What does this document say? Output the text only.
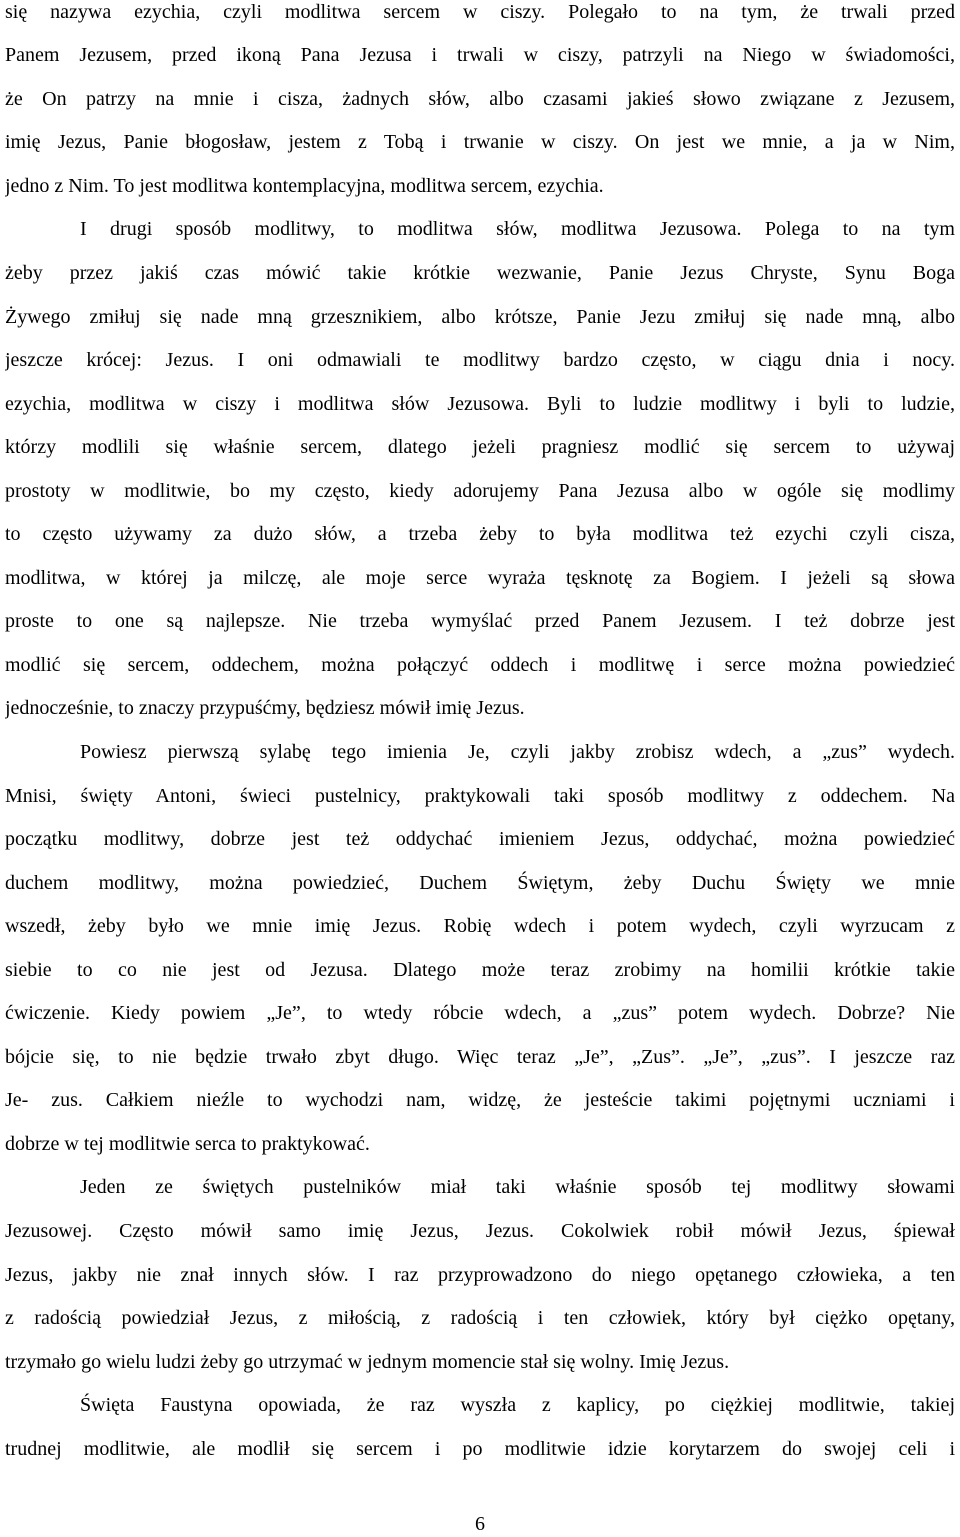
się nazywa ezychia, czyli modlitwa sercem w ciszy. Polegało to na tym, że trwali przed
Panem Jezusem, przed ikoną Pana Jezusa i trwali w ciszy, patrzyli na Niego w świadomości,
że On patrzy na mnie i cisza, żadnych słów, albo czasami jakieś słowo związane z Jezusem,
imię Jezus, Panie błogosław, jestem z Tobą i trwanie w ciszy. On jest we mnie, a ja w Nim,
jedno z Nim. To jest modlitwa kontemplacyjna, modlitwa sercem, ezychia.
I drugi sposób modlitwy, to modlitwa słów, modlitwa Jezusowa. Polega to na tym
żeby przez jakiś czas mówić takie krótkie wezwanie, Panie Jezus Chryste, Synu Boga
Żywego zmiłuj się nade mną grzesznikiem, albo krótsze, Panie Jezu zmiłuj się nade mną, albo
jeszcze krócej: Jezus. I oni odmawiali te modlitwy bardzo często, w ciągu dnia i nocy.
ezychia, modlitwa w ciszy i modlitwa słów Jezusowa. Byli to ludzie modlitwy i byli to ludzie,
którzy modlili się właśnie sercem, dlatego jeżeli pragniesz modlić się sercem to używaj
prostoty w modlitwie, bo my często, kiedy adorujemy Pana Jezusa albo w ogóle się modlimy
to często używamy za dużo słów, a trzeba żeby to była modlitwa też ezychi czyli cisza,
modlitwa, w której ja milczę, ale moje serce wyraża tęsknotę za Bogiem. I jeżeli są słowa
proste to one są najlepsze. Nie trzeba wymyślać przed Panem Jezusem. I też dobrze jest
modlić się sercem, oddechem, można połączyć oddech i modlitwę i serce można powiedzieć
jednocześnie, to znaczy przypuśćmy, będziesz mówił imię Jezus.
Powiesz pierwszą sylabę tego imienia Je, czyli jakby zrobisz wdech, a „zus” wydech.
Mnisi, święty Antoni, świeci pustelnicy, praktykowali taki sposób modlitwy z oddechem. Na
początku modlitwy, dobrze jest też oddychać imieniem Jezus, oddychać, można powiedzieć
duchem modlitwy, można powiedzieć, Duchem Świętym, żeby Duchu Święty we mnie
wszedł, żeby było we mnie imię Jezus. Robię wdech i potem wydech, czyli wyrzucam z
siebie to co nie jest od Jezusa. Dlatego może teraz zrobimy na homilii krótkie takie
ćwiczenie. Kiedy powiem „Je”, to wtedy róbcie wdech, a „zus” potem wydech. Dobrze? Nie
bójcie się, to nie będzie trwało zbyt długo. Więc teraz „Je”, „Zus”. „Je”, „zus”. I jeszcze raz
Je- zus. Całkiem nieźle to wychodzi nam, widzę, że jesteście takimi pojętnymi uczniami i
dobrze w tej modlitwie serca to praktykować.
Jeden ze świętych pustelników miał taki właśnie sposób tej modlitwy słowami
Jezusowej. Często mówił samo imię Jezus, Jezus. Cokolwiek robił mówił Jezus, śpiewał
Jezus, jakby nie znał innych słów. I raz przyprowadzono do niego opętanego człowieka, a ten
z radością powiedział Jezus, z miłością, z radością i ten człowiek, który był ciężko opętany,
trzymało go wielu ludzi żeby go utrzymać w jednym momencie stał się wolny. Imię Jezus.
Święta Faustyna opowiada, że raz wyszła z kaplicy, po ciężkiej modlitwie, takiej
trudnej modlitwie, ale modlił się sercem i po modlitwie idzie korytarzem do swojej celi i
6
